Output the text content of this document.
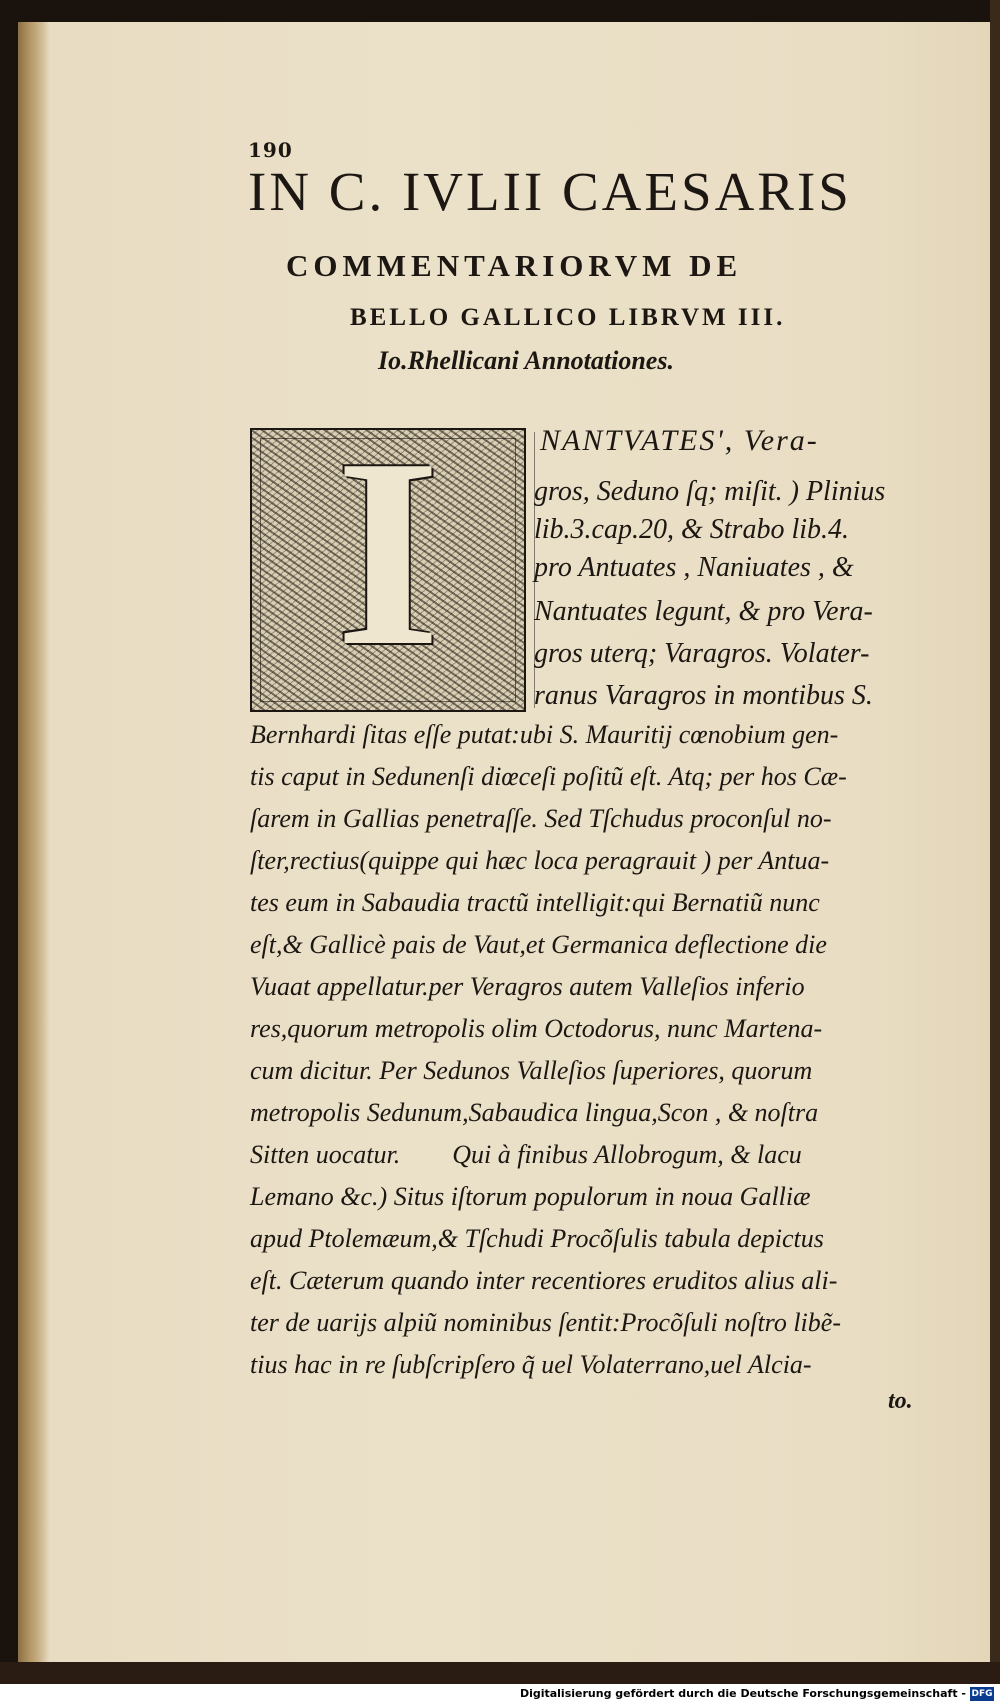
190
IN C. IVLII CAESARIS
COMMENTARIORVM DE
BELLO GALLICO LIBRVM III.
Io.Rhellicani Annotationes.
I	NANTVATES', Vera-
gros, Seduno ſq; miſit. ) Plinius
lib.3.cap.20, & Strabo lib.4.
pro Antuates , Naniuates , &
Nantuates legunt, & pro Vera-
gros uterq; Varagros. Volater-
ranus Varagros in montibus S.
Bernhardi ſitas eſſe putat:ubi S. Mauritij cœnobium gen-
tis caput in Sedunenſi diœceſi poſitũ eſt. Atq; per hos Cæ-
ſarem in Gallias penetraſſe. Sed Tſchudus proconſul no-
ſter,rectius(quippe qui hæc loca peragrauit ) per Antua-
tes eum in Sabaudia tractũ intelligit:qui Bernatiũ nunc
eſt,& Gallicè pais de Vaut,et Germanica deflectione die
Vuaat appellatur.per Veragros autem Valleſios inferio
res,quorum metropolis olim Octodorus, nunc Martena-
cum dicitur. Per Sedunos Valleſios ſuperiores, quorum
metropolis Sedunum,Sabaudica lingua,Scon , & noſtra
Sitten uocatur.        Qui à finibus Allobrogum, & lacu
Lemano &c.) Situs iſtorum populorum in noua Galliæ
apud Ptolemæum,& Tſchudi Procõſulis tabula depictus
eſt. Cæterum quando inter recentiores eruditos alius ali-
ter de uarijs alpiũ nominibus ſentit:Procõſuli noſtro libẽ-
tius hac in re ſubſcripſero q̃ uel Volaterrano,uel Alcia-
to.
Digitalisierung gefördert durch die Deutsche Forschungsgemeinschaft - DFG
